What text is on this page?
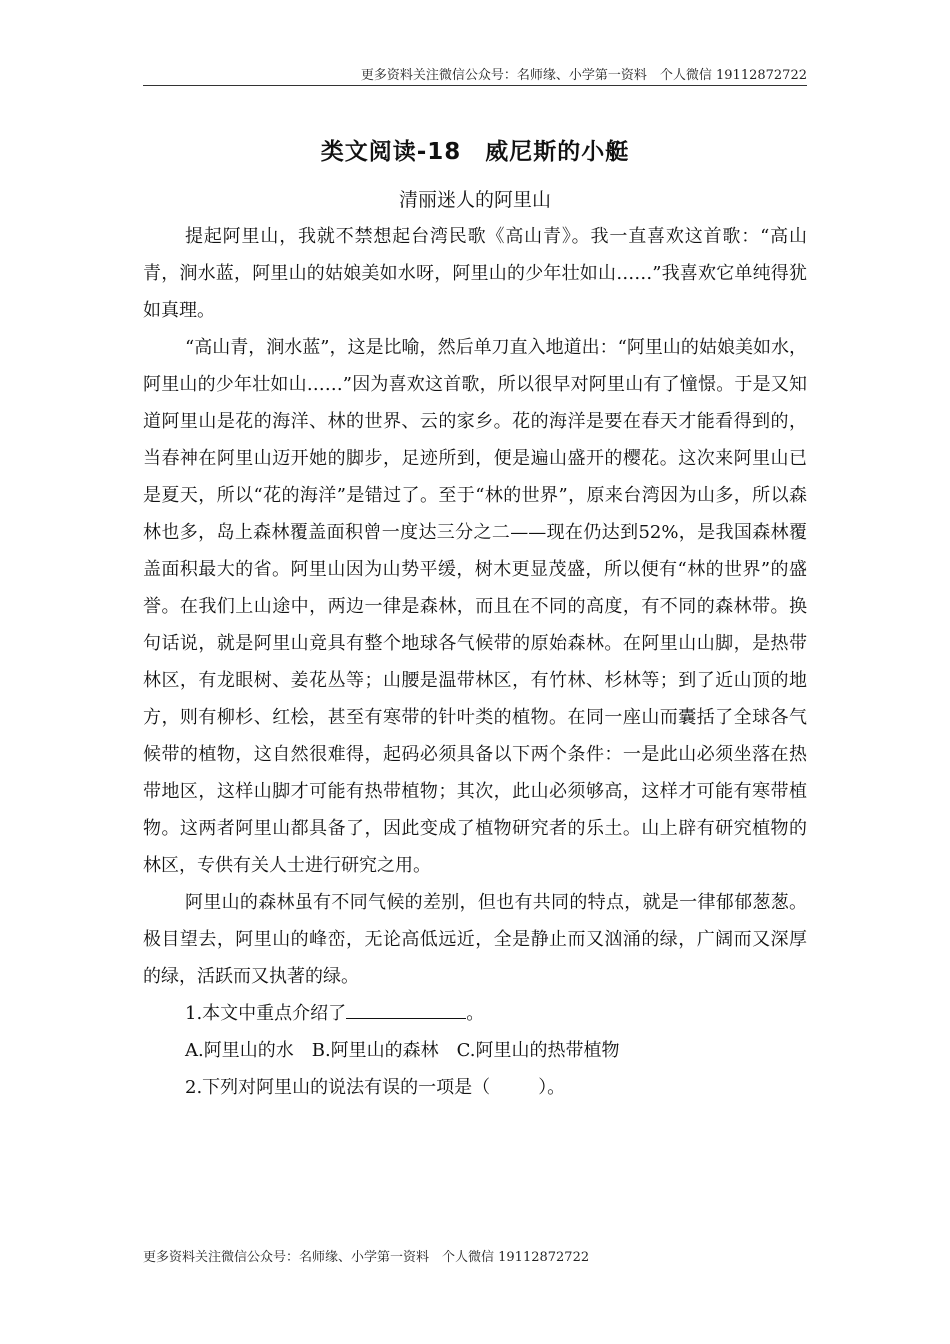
更多资料关注微信公众号：名师缘、小学第一资料　个人微信 19112872722
类文阅读-18　威尼斯的小艇
清丽迷人的阿里山

提起阿里山，我就不禁想起台湾民歌《高山青》。我一直喜欢这首歌：“高山青，涧水蓝，阿里山的姑娘美如水呀，阿里山的少年壮如山……”我喜欢它单纯得犹如真理。

“高山青，涧水蓝”，这是比喻，然后单刀直入地道出：“阿里山的姑娘美如水，阿里山的少年壮如山……”因为喜欢这首歌，所以很早对阿里山有了憧憬。于是又知道阿里山是花的海洋、林的世界、云的家乡。花的海洋是要在春天才能看得到的，当春神在阿里山迈开她的脚步，足迹所到，便是遍山盛开的樱花。这次来阿里山已是夏天，所以“花的海洋”是错过了。至于“林的世界”，原来台湾因为山多，所以森林也多，岛上森林覆盖面积曾一度达三分之二——现在仍达到52%，是我国森林覆盖面积最大的省。阿里山因为山势平缓，树木更显茂盛，所以便有“林的世界”的盛誉。在我们上山途中，两边一律是森林，而且在不同的高度，有不同的森林带。换句话说，就是阿里山竟具有整个地球各气候带的原始森林。在阿里山山脚，是热带林区，有龙眼树、姜花丛等；山腰是温带林区，有竹林、杉林等；到了近山顶的地方，则有柳杉、红桧，甚至有寒带的针叶类的植物。在同一座山而囊括了全球各气候带的植物，这自然很难得，起码必须具备以下两个条件：一是此山必须坐落在热带地区，这样山脚才可能有热带植物；其次，此山必须够高，这样才可能有寒带植物。这两者阿里山都具备了，因此变成了植物研究者的乐土。山上辟有研究植物的林区，专供有关人士进行研究之用。

阿里山的森林虽有不同气候的差别，但也有共同的特点，就是一律郁郁葱葱。极目望去，阿里山的峰峦，无论高低远近，全是静止而又汹涌的绿，广阔而又深厚的绿，活跃而又执著的绿。

1.本文中重点介绍了	。

A.阿里山的水　B.阿里山的森林　C.阿里山的热带植物

2.下列对阿里山的说法有误的一项是（	）。

更多资料关注微信公众号：名师缘、小学第一资料　个人微信 19112872722
